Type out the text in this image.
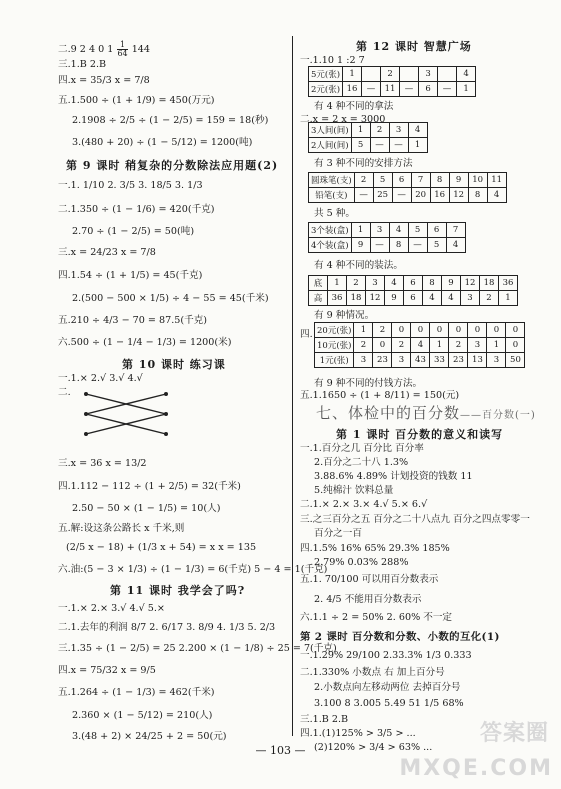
二.9 2 4 0 $1 \frac{1}{64} 144$
三.1.B 2.B
四.x = 35/3 x = 7/8
五.1.500 ÷ (1 + 1/9) = 450(万元)
2.1908 ÷ 2/5 ÷ (1 − 2/5) = 159 = 18(秒)
3.(480 + 20) ÷ (1 − 5/12) = 1200(吨)
第 9 课时 稍复杂的分数除法应用题(2)
一.1. 1/10 2. 3/5 3. 18/5 3. 1/3
二.1.350 ÷ (1 − 1/6) = 420(千克)
2.70 ÷ (1 − 2/5) = 50(吨)
三.x = 24/23 x = 7/8
四.1.54 ÷ (1 + 1/5) = 45(千克)
2.(500 − 500 × 1/5) ÷ 4 − 55 = 45(千米)
五.210 ÷ 4/3 − 70 = 87.5(千克)
六.500 ÷ (1 − 1/4 − 1/3) = 1200(米)
第 10 课时 练习课
一.1.× 2.√ 3.√ 4.√
二.
三.x = 36 x = 13/2
四.1.112 − 112 ÷ (1 + 2/5) = 32(千米)
2.50 − 50 × (1 − 1/5) = 10(人)
五.解:设这条公路长 x 千米,则
(2/5 x − 18) + (1/3 x + 54) = x x = 135
六.油:(5 − 3 × 1/3) ÷ (1 − 1/3) = 6(千克) 5 − 4 = 1(千克)
第 11 课时 我学会了吗?
一.1.× 2.× 3.√ 4.√ 5.×
二.1.去年的利润 8/7 2. 6/17 3. 8/9 4. 1/3 5. 2/3
三.1.35 ÷ (1 − 2/5) = 25 2.200 × (1 − 1/8) ÷ 25 = 7(千克)
四.x = 75/32 x = 9/5
五.1.264 ÷ (1 − 1/3) = 462(千米)
2.360 × (1 − 5/12) = 210(人)
3.(48 + 2) × 24/25 + 2 = 50(元)
第 12 课时 智慧广场
一.1.10 1 :2 7
5元(张)	1		2		3		4
2元(张)	16	—	11	—	6	—	1
有 4 种不同的拿法
二.x = 2 x = 3000
3人间(间)	1	2	3	4
2人间(间)	5	—	—	1
有 3 种不同的安排方法
圆珠笔(支)	2	5	6	7	8	9	10	11
铅笔(支)	—	25	—	20	16	12	8	4
共 5 种。
3个装(盒)	1	3	4	5	6	7
4个装(盒)	9	—	8	—	5	4
有 4 种不同的装法。
底	1	2	3	4	6	8	9	12	18	36
高	36	18	12	9	6	4	4	3	2	1
有 9 种情况。
四. 20元(张)	1	2	0	0	0	0	0	0	0
10元(张)	2	0	2	4	1	2	3	1	0
1元(张)	3	23	3	43	33	23	13	3	50
有 9 种不同的付钱方法。
五.1.1650 ÷ (1 + 8/11) = 150(元)
七、体检中的百分数——百分数(一)
第 1 课时 百分数的意义和读写
一.1.百分之几 百分比 百分率
2.百分之二十八 1.3%
3.88.6% 4.89% 计划投资的钱数 11
5.纯棉汁 饮料总量
二.1.× 2.× 3.× 4.√ 5.× 6.√
三.之三百分之五 百分之二十八点九 百分之四点零零一
百分之一百
四.1.5% 16% 65% 29.3% 185%
2.79% 0.03% 288%
五.1. 70/100 可以用百分数表示
2. 4/5 不能用百分数表示
六.1.1 ÷ 2 = 50% 2. 60% 不一定
第 2 课时 百分数和分数、小数的互化(1)
一.1.29% 29/100 2.33.3% 1/3 0.333
二.1.330% 小数点 右 加上百分号
2.小数点向左移动两位 去掉百分号
3.100 8 3.005 5.49 51 1/5 68%
三.1.B 2.B
四.1.(1)125% > 3/5 > ...
(2)120% > 3/4 > 63% ...
— 103 —
答案圈
MXQE.COM
